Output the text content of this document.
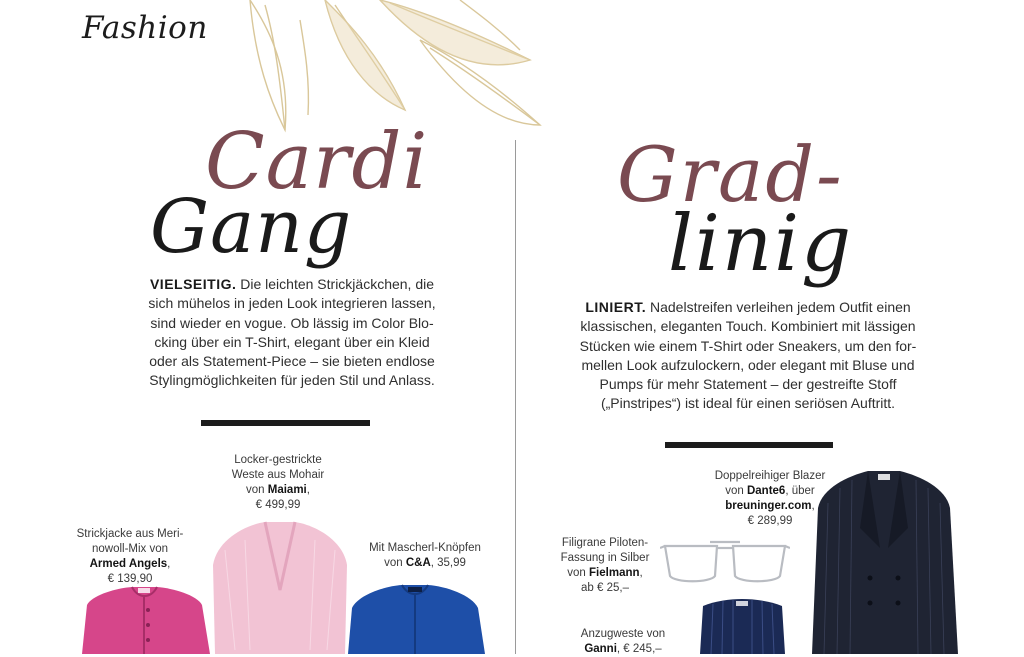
Fashion
Cardi
Gang
VIELSEITIG. Die leichten Strickjäckchen, die
sich mühelos in jeden Look integrieren lassen,
sind wieder en vogue. Ob lässig im Color Blo-
cking über ein T-Shirt, elegant über ein Kleid
oder als Statement-Piece – sie bieten endlose
Stylingmöglichkeiten für jeden Stil und Anlass.
Strickjacke aus Meri-
nowoll-Mix von
Armed Angels,
€ 139,90
Locker-gestrickte
Weste aus Mohair
von Maiami,
€ 499,99
Mit Mascherl-Knöpfen
von C&A, 35,99
Grad-
linig
LINIERT. Nadelstreifen verleihen jedem Outfit einen
klassischen, eleganten Touch. Kombiniert mit lässigen
Stücken wie einem T-Shirt oder Sneakers, um den for-
mellen Look aufzulockern, oder elegant mit Bluse und
Pumps für mehr Statement – der gestreifte Stoff
(„Pinstripes“) ist ideal für einen seriösen Auftritt.
Doppelreihiger Blazer
von Dante6, über
breuninger.com,
€ 289,99
Filigrane Piloten-
Fassung in Silber
von Fielmann,
ab € 25,–
Anzugweste von
Ganni, € 245,–
